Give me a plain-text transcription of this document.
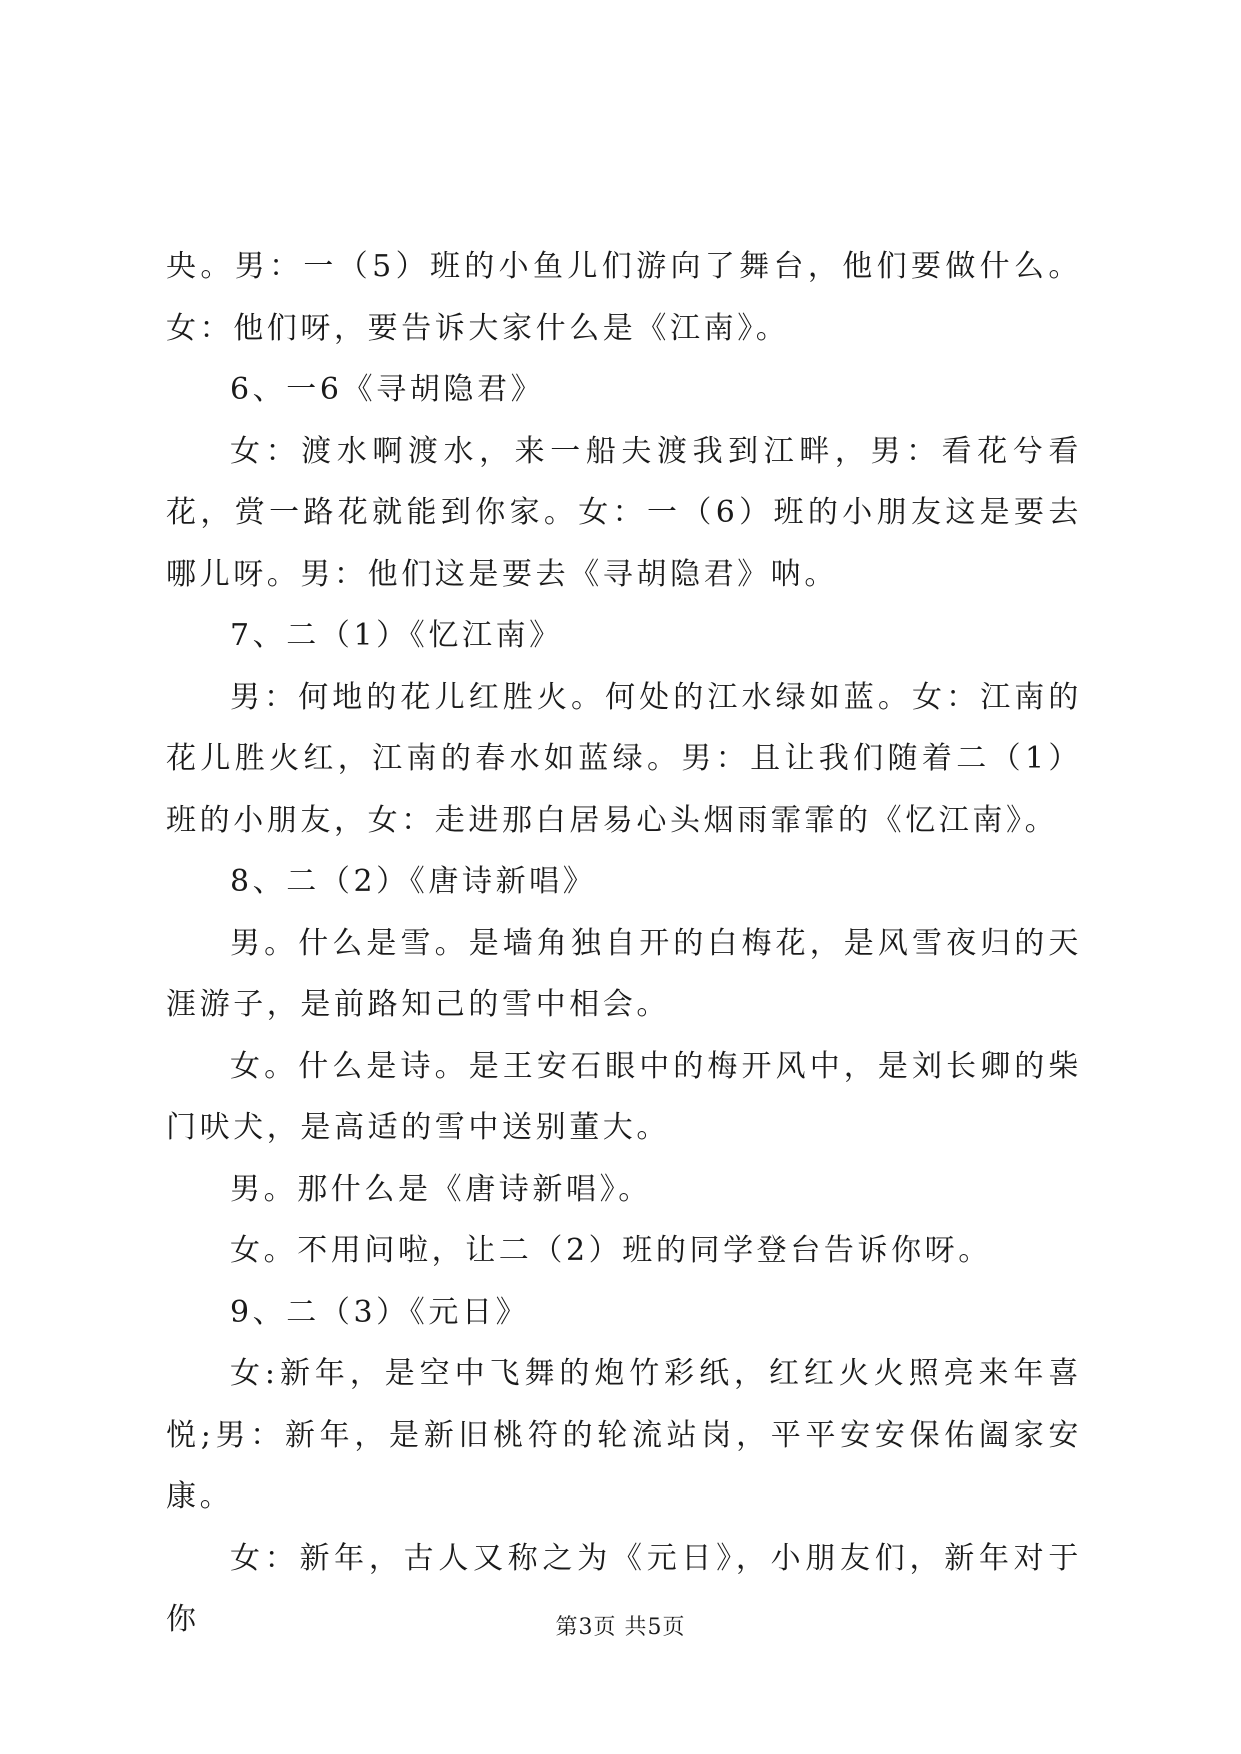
央。男：一（5）班的小鱼儿们游向了舞台，他们要做什么。女：他们呀，要告诉大家什么是《江南》。

6、一6《寻胡隐君》

女：渡水啊渡水，来一船夫渡我到江畔，男：看花兮看花，赏一路花就能到你家。女：一（6）班的小朋友这是要去哪儿呀。男：他们这是要去《寻胡隐君》呐。

7、二（1）《忆江南》

男：何地的花儿红胜火。何处的江水绿如蓝。女：江南的花儿胜火红，江南的春水如蓝绿。男：且让我们随着二（1）班的小朋友，女：走进那白居易心头烟雨霏霏的《忆江南》。

8、二（2）《唐诗新唱》

男。什么是雪。是墙角独自开的白梅花，是风雪夜归的天涯游子，是前路知己的雪中相会。

女。什么是诗。是王安石眼中的梅开风中，是刘长卿的柴门吠犬，是高适的雪中送别董大。

男。那什么是《唐诗新唱》。

女。不用问啦，让二（2）班的同学登台告诉你呀。

9、二（3）《元日》

女:新年，是空中飞舞的炮竹彩纸，红红火火照亮来年喜悦;男：新年，是新旧桃符的轮流站岗，平平安安保佑阖家安康。

女：新年，古人又称之为《元日》，小朋友们，新年对于你	第3页 共5页
